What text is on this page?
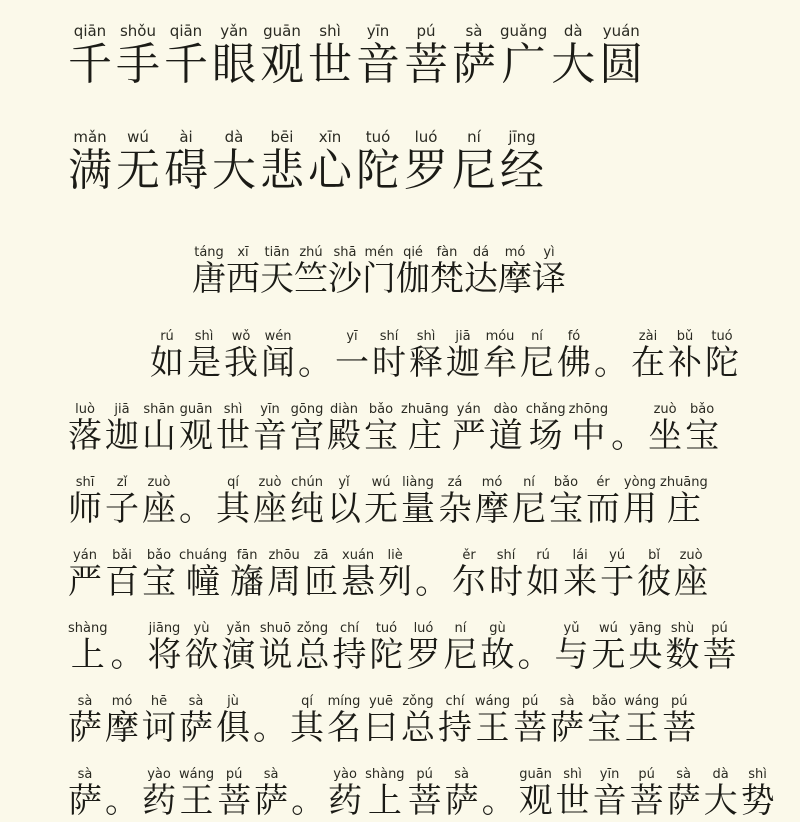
千qiān手shǒu千qiān眼yǎn观guān世shì音yīn菩pú萨sà广guǎng大dà圆yuán
满mǎn无wú碍ài大dà悲bēi心xīn陀tuó罗luó尼ní经jīng
唐táng西xī天tiān竺zhú沙shā门mén伽qié梵fàn达dá摩mó译yì
如rú是shì我wǒ闻wén。一yī时shí释shì迦jiā牟móu尼ní佛fó。在zài补bǔ陀tuó
落luò迦jiā山shān观guān世shì音yīn宫gōng殿diàn宝bǎo庄zhuāng严yán道dào场chǎng中zhōng。坐zuò宝bǎo
师shī子zǐ座zuò。其qí座zuò纯chún以yǐ无wú量liàng杂zá摩mó尼ní宝bǎo而ér用yòng庄zhuāng
严yán百bǎi宝bǎo幢chuáng旛fān周zhōu匝zā悬xuán列liè。尔ěr时shí如rú来lái于yú彼bǐ座zuò
上shàng。将jiāng欲yù演yǎn说shuō总zǒng持chí陀tuó罗luó尼ní故gù。与yǔ无wú央yāng数shù菩pú
萨sà摩mó诃hē萨sà俱jù。其qí名míng曰yuē总zǒng持chí王wáng菩pú萨sà宝bǎo王wáng菩pú
萨sà。药yào王wáng菩pú萨sà。药yào上shàng菩pú萨sà。观guān世shì音yīn菩pú萨sà大dà势shì
